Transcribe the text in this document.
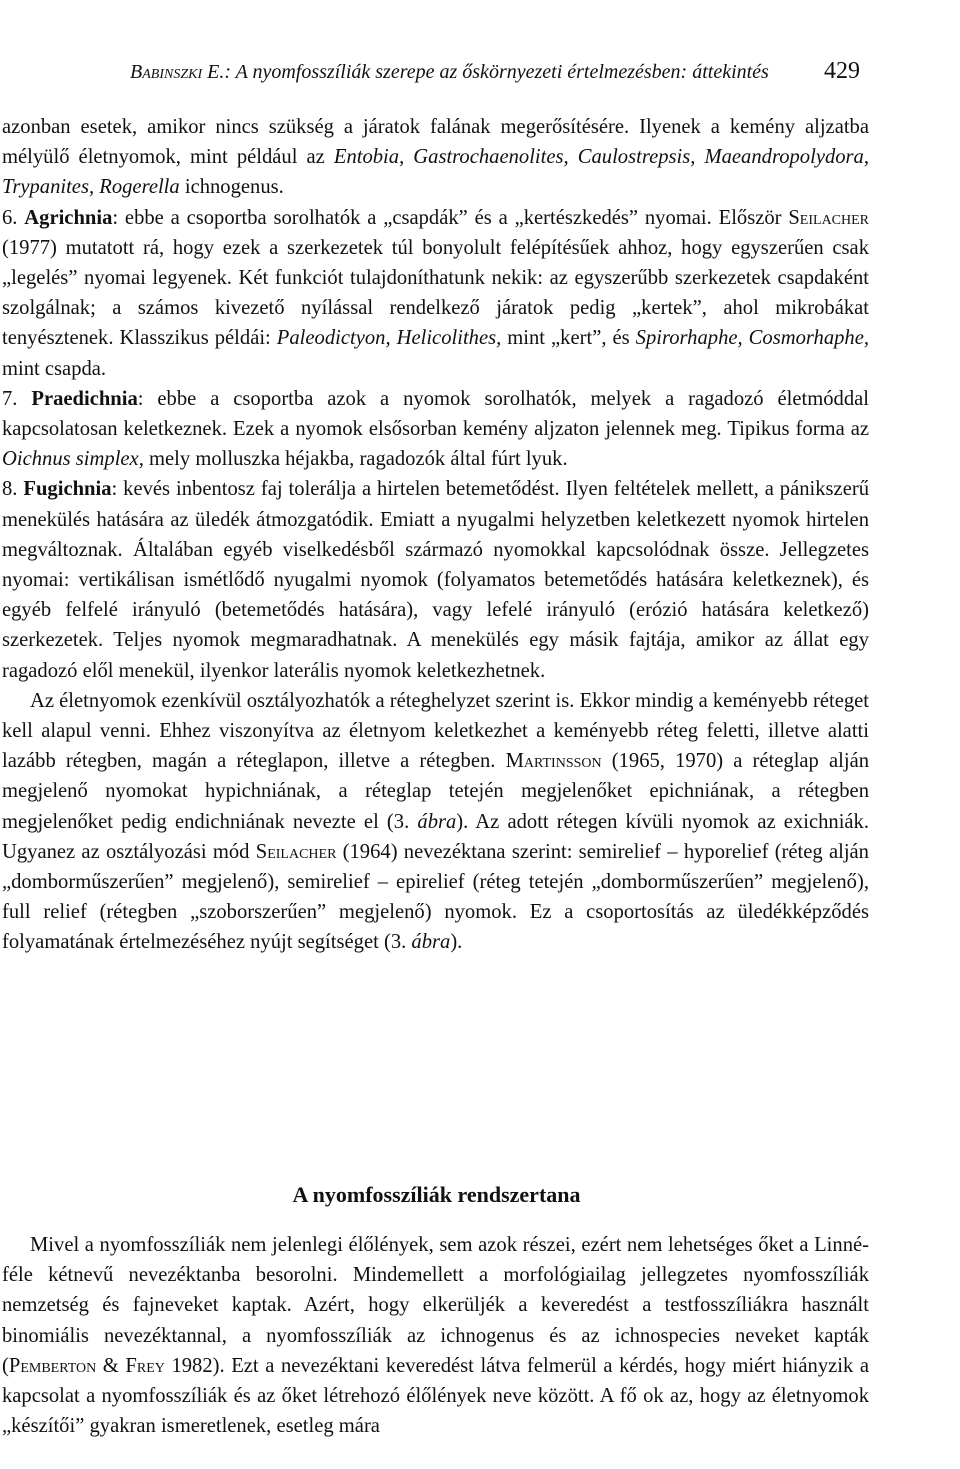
Babinszki E.: A nyomfosszíliák szerepe az őskörnyezeti értelmezésben: áttekintés 429

azonban esetek, amikor nincs szükség a járatok falának megerősítésére. Ilyenek a kemény aljzatba mélyülő életnyomok, mint például az Entobia, Gastrochaenolites, Caulostrepsis, Maeandropolydora, Trypanites, Rogerella ichnogenus.

6. Agrichnia: ebbe a csoportba sorolhatók a „csapdák” és a „kertészkedés” nyomai. Először Seilacher (1977) mutatott rá, hogy ezek a szerkezetek túl bonyolult felépítésűek ahhoz, hogy egyszerűen csak „legelés” nyomai legyenek. Két funkciót tulajdoníthatunk nekik: az egyszerűbb szerkezetek csapdaként szolgálnak; a számos kivezető nyílással rendelkező járatok pedig „kertek”, ahol mikrobákat tenyésztenek. Klasszikus példái: Paleodictyon, Helicolithes, mint „kert”, és Spirorhaphe, Cosmorhaphe, mint csapda.

7. Praedichnia: ebbe a csoportba azok a nyomok sorolhatók, melyek a ragadozó életmóddal kapcsolatosan keletkeznek. Ezek a nyomok elsősorban kemény aljzaton jelennek meg. Tipikus forma az Oichnus simplex, mely molluszka héjakba, ragadozók által fúrt lyuk.

8. Fugichnia: kevés inbentosz faj tolerálja a hirtelen betemetődést. Ilyen feltételek mellett, a pánikszerű menekülés hatására az üledék átmozgatódik. Emiatt a nyugalmi helyzetben keletkezett nyomok hirtelen megváltoznak. Általában egyéb viselkedésből származó nyomokkal kapcsolódnak össze. Jellegzetes nyomai: vertikálisan ismétlődő nyugalmi nyomok (folyamatos betemetődés hatására keletkeznek), és egyéb felfelé irányuló (betemetődés hatására), vagy lefelé irányuló (erózió hatására keletkező) szerkezetek. Teljes nyomok megmaradhatnak. A menekülés egy másik fajtája, amikor az állat egy ragadozó elől menekül, ilyenkor laterális nyomok keletkezhetnek.

Az életnyomok ezenkívül osztályozhatók a réteghelyzet szerint is. Ekkor mindig a keményebb réteget kell alapul venni. Ehhez viszonyítva az életnyom keletkezhet a keményebb réteg feletti, illetve alatti lazább rétegben, magán a réteglapon, illetve a rétegben. Martinsson (1965, 1970) a réteglap alján megjelenő nyomokat hypichniának, a réteglap tetején megjelenőket epichniának, a rétegben megjelenőket pedig endichniának nevezte el (3. ábra). Az adott rétegen kívüli nyomok az exichniák. Ugyanez az osztályozási mód Seilacher (1964) nevezéktana szerint: semirelief – hyporelief (réteg alján „domborműszerűen” megjelenő), semirelief – epirelief (réteg tetején „domborműszerűen” megjelenő), full relief (rétegben „szoborszerűen” megjelenő) nyomok. Ez a csoportosítás az üledékképződés folyamatának értelmezéséhez nyújt segítséget (3. ábra).

A nyomfosszíliák rendszertana

Mivel a nyomfosszíliák nem jelenlegi élőlények, sem azok részei, ezért nem lehetséges őket a Linné-féle kétnevű nevezéktanba besorolni. Mindemellett a morfológiailag jellegzetes nyomfosszíliák nemzetség és fajneveket kaptak. Azért, hogy elkerüljék a keveredést a testfosszíliákra használt binomiális nevezéktannal, a nyomfosszíliák az ichnogenus és az ichnospecies neveket kapták (Pemberton & Frey 1982). Ezt a nevezéktani keveredést látva felmerül a kérdés, hogy miért hiányzik a kapcsolat a nyomfosszíliák és az őket létrehozó élőlények neve között. A fő ok az, hogy az életnyomok „készítői” gyakran ismeretlenek, esetleg mára
